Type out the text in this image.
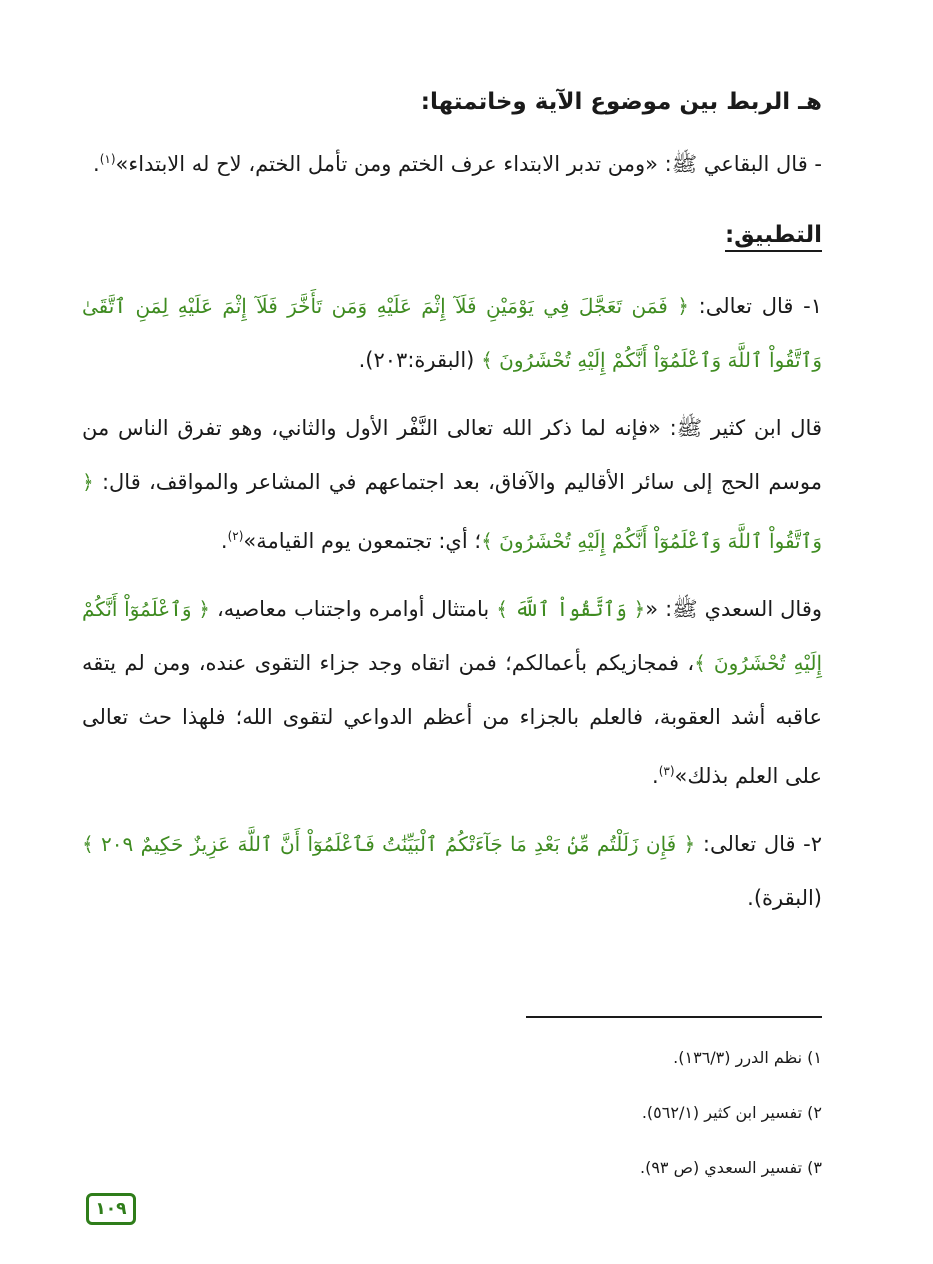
هـ الربط بين موضوع الآية وخاتمتها:

- قال البقاعي ﷺ: «ومن تدبر الابتداء عرف الختم ومن تأمل الختم، لاح له الابتداء»$^{(١)}$.

التطبيق:

١- قال تعالى: ﴿ فَمَن تَعَجَّلَ فِي يَوْمَيْنِ فَلَآ إِثْمَ عَلَيْهِ وَمَن تَأَخَّرَ فَلَآ إِثْمَ عَلَيْهِ لِمَنِ ٱتَّقَىٰ وَٱتَّقُواْ ٱللَّهَ وَٱعْلَمُوٓاْ أَنَّكُمْ إِلَيْهِ تُحْشَرُونَ ﴾ (البقرة:٢٠٣).

قال ابن كثير ﷺ: «فإنه لما ذكر الله تعالى النَّفْر الأول والثاني، وهو تفرق الناس من موسم الحج إلى سائر الأقاليم والآفاق، بعد اجتماعهم في المشاعر والمواقف، قال: ﴿ وَٱتَّقُواْ ٱللَّهَ وَٱعْلَمُوٓاْ أَنَّكُمْ إِلَيْهِ تُحْشَرُونَ ﴾؛ أي: تجتمعون يوم القيامة»$^{(٢)}$.

وقال السعدي ﷺ: «﴿ وَٱتَّقُواْ ٱللَّهَ ﴾ بامتثال أوامره واجتناب معاصيه، ﴿ وَٱعْلَمُوٓاْ أَنَّكُمْ إِلَيْهِ تُحْشَرُونَ ﴾، فمجازيكم بأعمالكم؛ فمن اتقاه وجد جزاء التقوى عنده، ومن لم يتقه عاقبه أشد العقوبة، فالعلم بالجزاء من أعظم الدواعي لتقوى الله؛ فلهذا حث تعالى على العلم بذلك»$^{(٣)}$.

٢- قال تعالى: ﴿ فَإِن زَلَلْتُم مِّنۢ بَعْدِ مَا جَآءَتْكُمُ ٱلْبَيِّنَٰتُ فَٱعْلَمُوٓاْ أَنَّ ٱللَّهَ عَزِيزٌ حَكِيمٌ ٢٠٩ ﴾ (البقرة).

١) نظم الدرر (١٣٦/٣).

٢) تفسير ابن كثير (٥٦٢/١).

٣) تفسير السعدي (ص ٩٣).

١٠٩
